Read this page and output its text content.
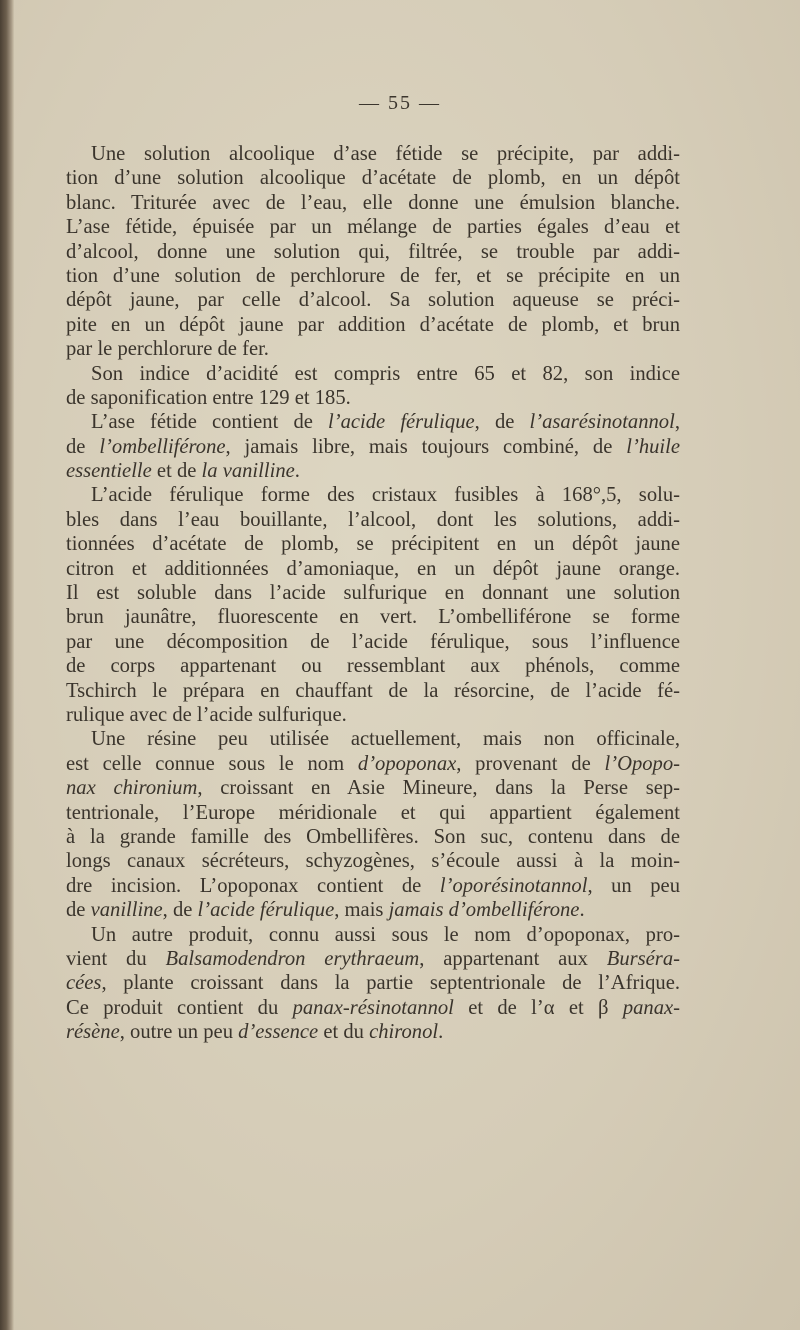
— 55 —
Une solution alcoolique d’ase fétide se précipite, par addi-
tion d’une solution alcoolique d’acétate de plomb, en un dépôt
blanc. Triturée avec de l’eau, elle donne une émulsion blanche.
L’ase fétide, épuisée par un mélange de parties égales d’eau et
d’alcool, donne une solution qui, filtrée, se trouble par addi-
tion d’une solution de perchlorure de fer, et se précipite en un
dépôt jaune, par celle d’alcool. Sa solution aqueuse se préci-
pite en un dépôt jaune par addition d’acétate de plomb, et brun
par le perchlorure de fer.
Son indice d’acidité est compris entre 65 et 82, son indice
de saponification entre 129 et 185.
L’ase fétide contient de l’acide férulique, de l’asarésinotannol,
de l’ombelliférone, jamais libre, mais toujours combiné, de l’huile
essentielle et de la vanilline.
L’acide férulique forme des cristaux fusibles à 168°,5, solu-
bles dans l’eau bouillante, l’alcool, dont les solutions, addi-
tionnées d’acétate de plomb, se précipitent en un dépôt jaune
citron et additionnées d’amoniaque, en un dépôt jaune orange.
Il est soluble dans l’acide sulfurique en donnant une solution
brun jaunâtre, fluorescente en vert. L’ombelliférone se forme
par une décomposition de l’acide férulique, sous l’influence
de corps appartenant ou ressemblant aux phénols, comme
Tschirch le prépara en chauffant de la résorcine, de l’acide fé-
rulique avec de l’acide sulfurique.
Une résine peu utilisée actuellement, mais non officinale,
est celle connue sous le nom d’opoponax, provenant de l’Opopo-
nax chironium, croissant en Asie Mineure, dans la Perse sep-
tentrionale, l’Europe méridionale et qui appartient également
à la grande famille des Ombellifères. Son suc, contenu dans de
longs canaux sécréteurs, schyzogènes, s’écoule aussi à la moin-
dre incision. L’opoponax contient de l’oporésinotannol, un peu
de vanilline, de l’acide férulique, mais jamais d’ombelliférone.
Un autre produit, connu aussi sous le nom d’opoponax, pro-
vient du Balsamodendron erythraeum, appartenant aux Burséra-
cées, plante croissant dans la partie septentrionale de l’Afrique.
Ce produit contient du panax-résinotannol et de l’α et β panax-
résène, outre un peu d’essence et du chironol.
